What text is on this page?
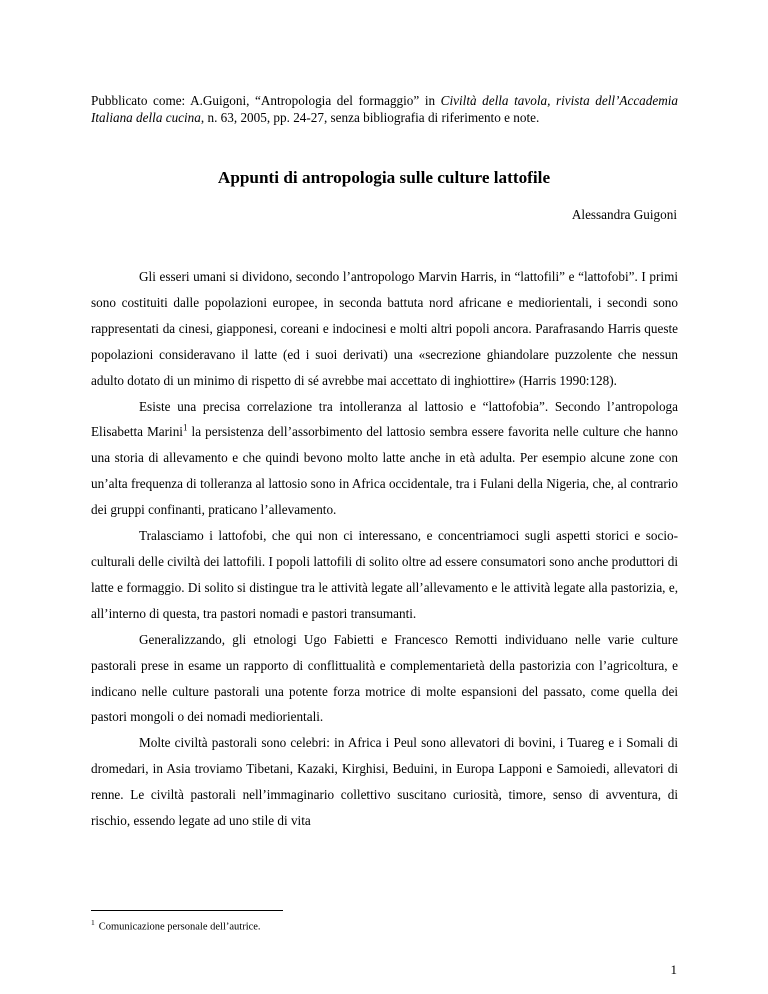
Pubblicato come: A.Guigoni, “Antropologia del formaggio” in Civiltà della tavola, rivista dell’Accademia Italiana della cucina, n. 63, 2005, pp. 24-27, senza bibliografia di riferimento e note.
Appunti di antropologia sulle culture lattofile
Alessandra Guigoni

Gli esseri umani si dividono, secondo l’antropologo Marvin Harris, in “lattofili” e “lattofobi”. I primi sono costituiti dalle popolazioni europee, in seconda battuta nord africane e mediorientali, i secondi sono rappresentati da cinesi, giapponesi, coreani e indocinesi e molti altri popoli ancora. Parafrasando Harris queste popolazioni consideravano il latte (ed i suoi derivati) una «secrezione ghiandolare puzzolente che nessun adulto dotato di un minimo di rispetto di sé avrebbe mai accettato di inghiottire» (Harris 1990:128).

Esiste una precisa correlazione tra intolleranza al lattosio e “lattofobia”. Secondo l’antropologa Elisabetta Marini$^1$ la persistenza dell’assorbimento del lattosio sembra essere favorita nelle culture che hanno una storia di allevamento e che quindi bevono molto latte anche in età adulta. Per esempio alcune zone con un’alta frequenza di tolleranza al lattosio sono in Africa occidentale, tra i Fulani della Nigeria, che, al contrario dei gruppi confinanti, praticano l’allevamento.

Tralasciamo i lattofobi, che qui non ci interessano, e concentriamoci sugli aspetti storici e socio-culturali delle civiltà dei lattofili. I popoli lattofili di solito oltre ad essere consumatori sono anche produttori di latte e formaggio. Di solito si distingue tra le attività legate all’allevamento e le attività legate alla pastorizia, e, all’interno di questa, tra pastori nomadi e pastori transumanti.

Generalizzando, gli etnologi Ugo Fabietti e Francesco Remotti individuano nelle varie culture pastorali prese in esame un rapporto di conflittualità e complementarietà della pastorizia con l’agricoltura, e indicano nelle culture pastorali una potente forza motrice di molte espansioni del passato, come quella dei pastori mongoli o dei nomadi mediorientali.

Molte civiltà pastorali sono celebri: in Africa i Peul sono allevatori di bovini, i Tuareg e i Somali di dromedari, in Asia troviamo Tibetani, Kazaki, Kirghisi, Beduini, in Europa Lapponi e Samoiedi, allevatori di renne. Le civiltà pastorali nell’immaginario collettivo suscitano curiosità, timore, senso di avventura, di rischio, essendo legate ad uno stile di vita

$^1$ Comunicazione personale dell’autrice.
1
